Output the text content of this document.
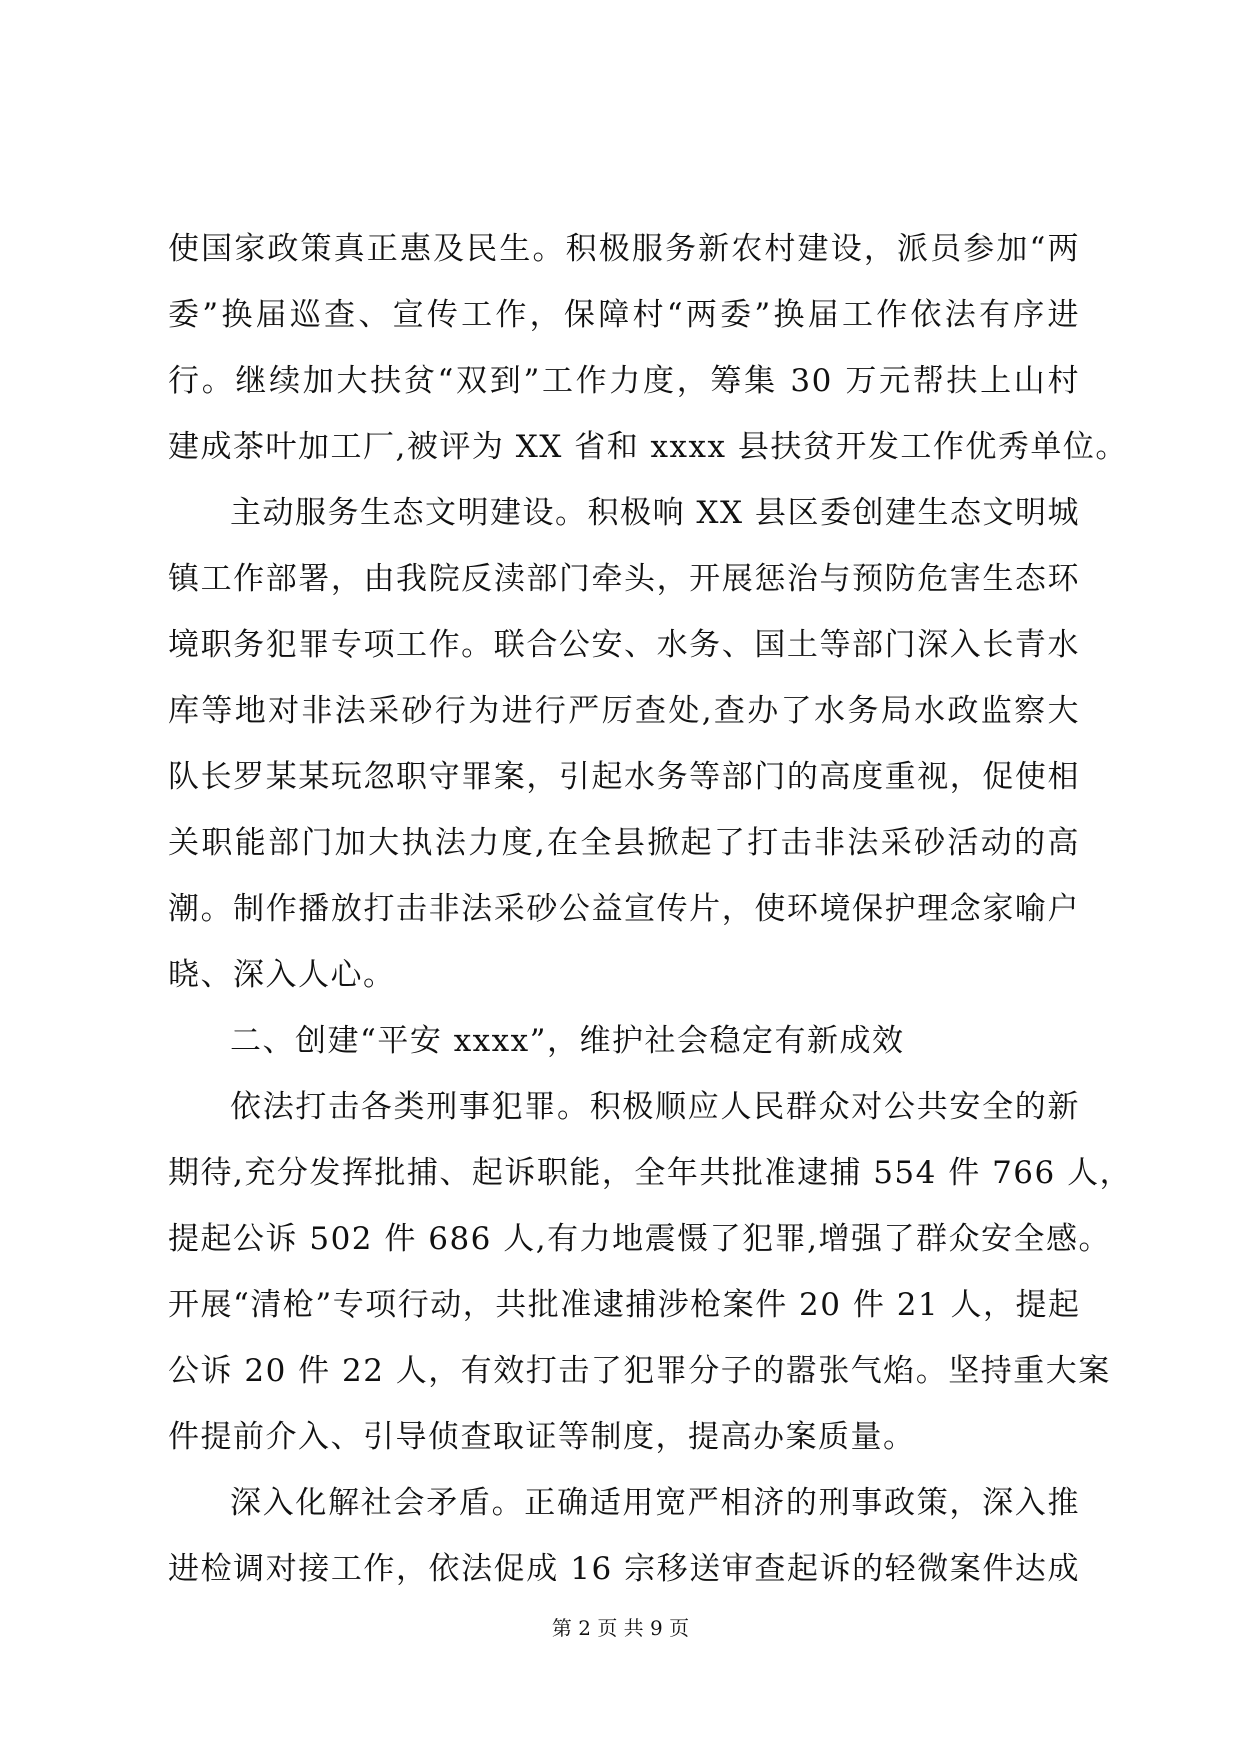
使国家政策真正惠及民生。积极服务新农村建设，派员参加“两
委”换届巡查、宣传工作，保障村“两委”换届工作依法有序进
行。继续加大扶贫“双到”工作力度，筹集 30 万元帮扶上山村
建成茶叶加工厂,被评为 XX 省和 xxxx 县扶贫开发工作优秀单位。
主动服务生态文明建设。积极响 XX 县区委创建生态文明城
镇工作部署，由我院反渎部门牵头，开展惩治与预防危害生态环
境职务犯罪专项工作。联合公安、水务、国土等部门深入长青水
库等地对非法采砂行为进行严厉查处,查办了水务局水政监察大
队长罗某某玩忽职守罪案，引起水务等部门的高度重视，促使相
关职能部门加大执法力度,在全县掀起了打击非法采砂活动的高
潮。制作播放打击非法采砂公益宣传片，使环境保护理念家喻户
晓、深入人心。
二、创建“平安 xxxx”，维护社会稳定有新成效
依法打击各类刑事犯罪。积极顺应人民群众对公共安全的新
期待,充分发挥批捕、起诉职能，全年共批准逮捕 554 件 766 人，
提起公诉 502 件 686 人,有力地震慑了犯罪,增强了群众安全感。
开展“清枪”专项行动，共批准逮捕涉枪案件 20 件 21 人，提起
公诉 20 件 22 人，有效打击了犯罪分子的嚣张气焰。坚持重大案
件提前介入、引导侦查取证等制度，提高办案质量。
深入化解社会矛盾。正确适用宽严相济的刑事政策，深入推
进检调对接工作，依法促成 16 宗移送审查起诉的轻微案件达成
第 2 页 共 9 页
